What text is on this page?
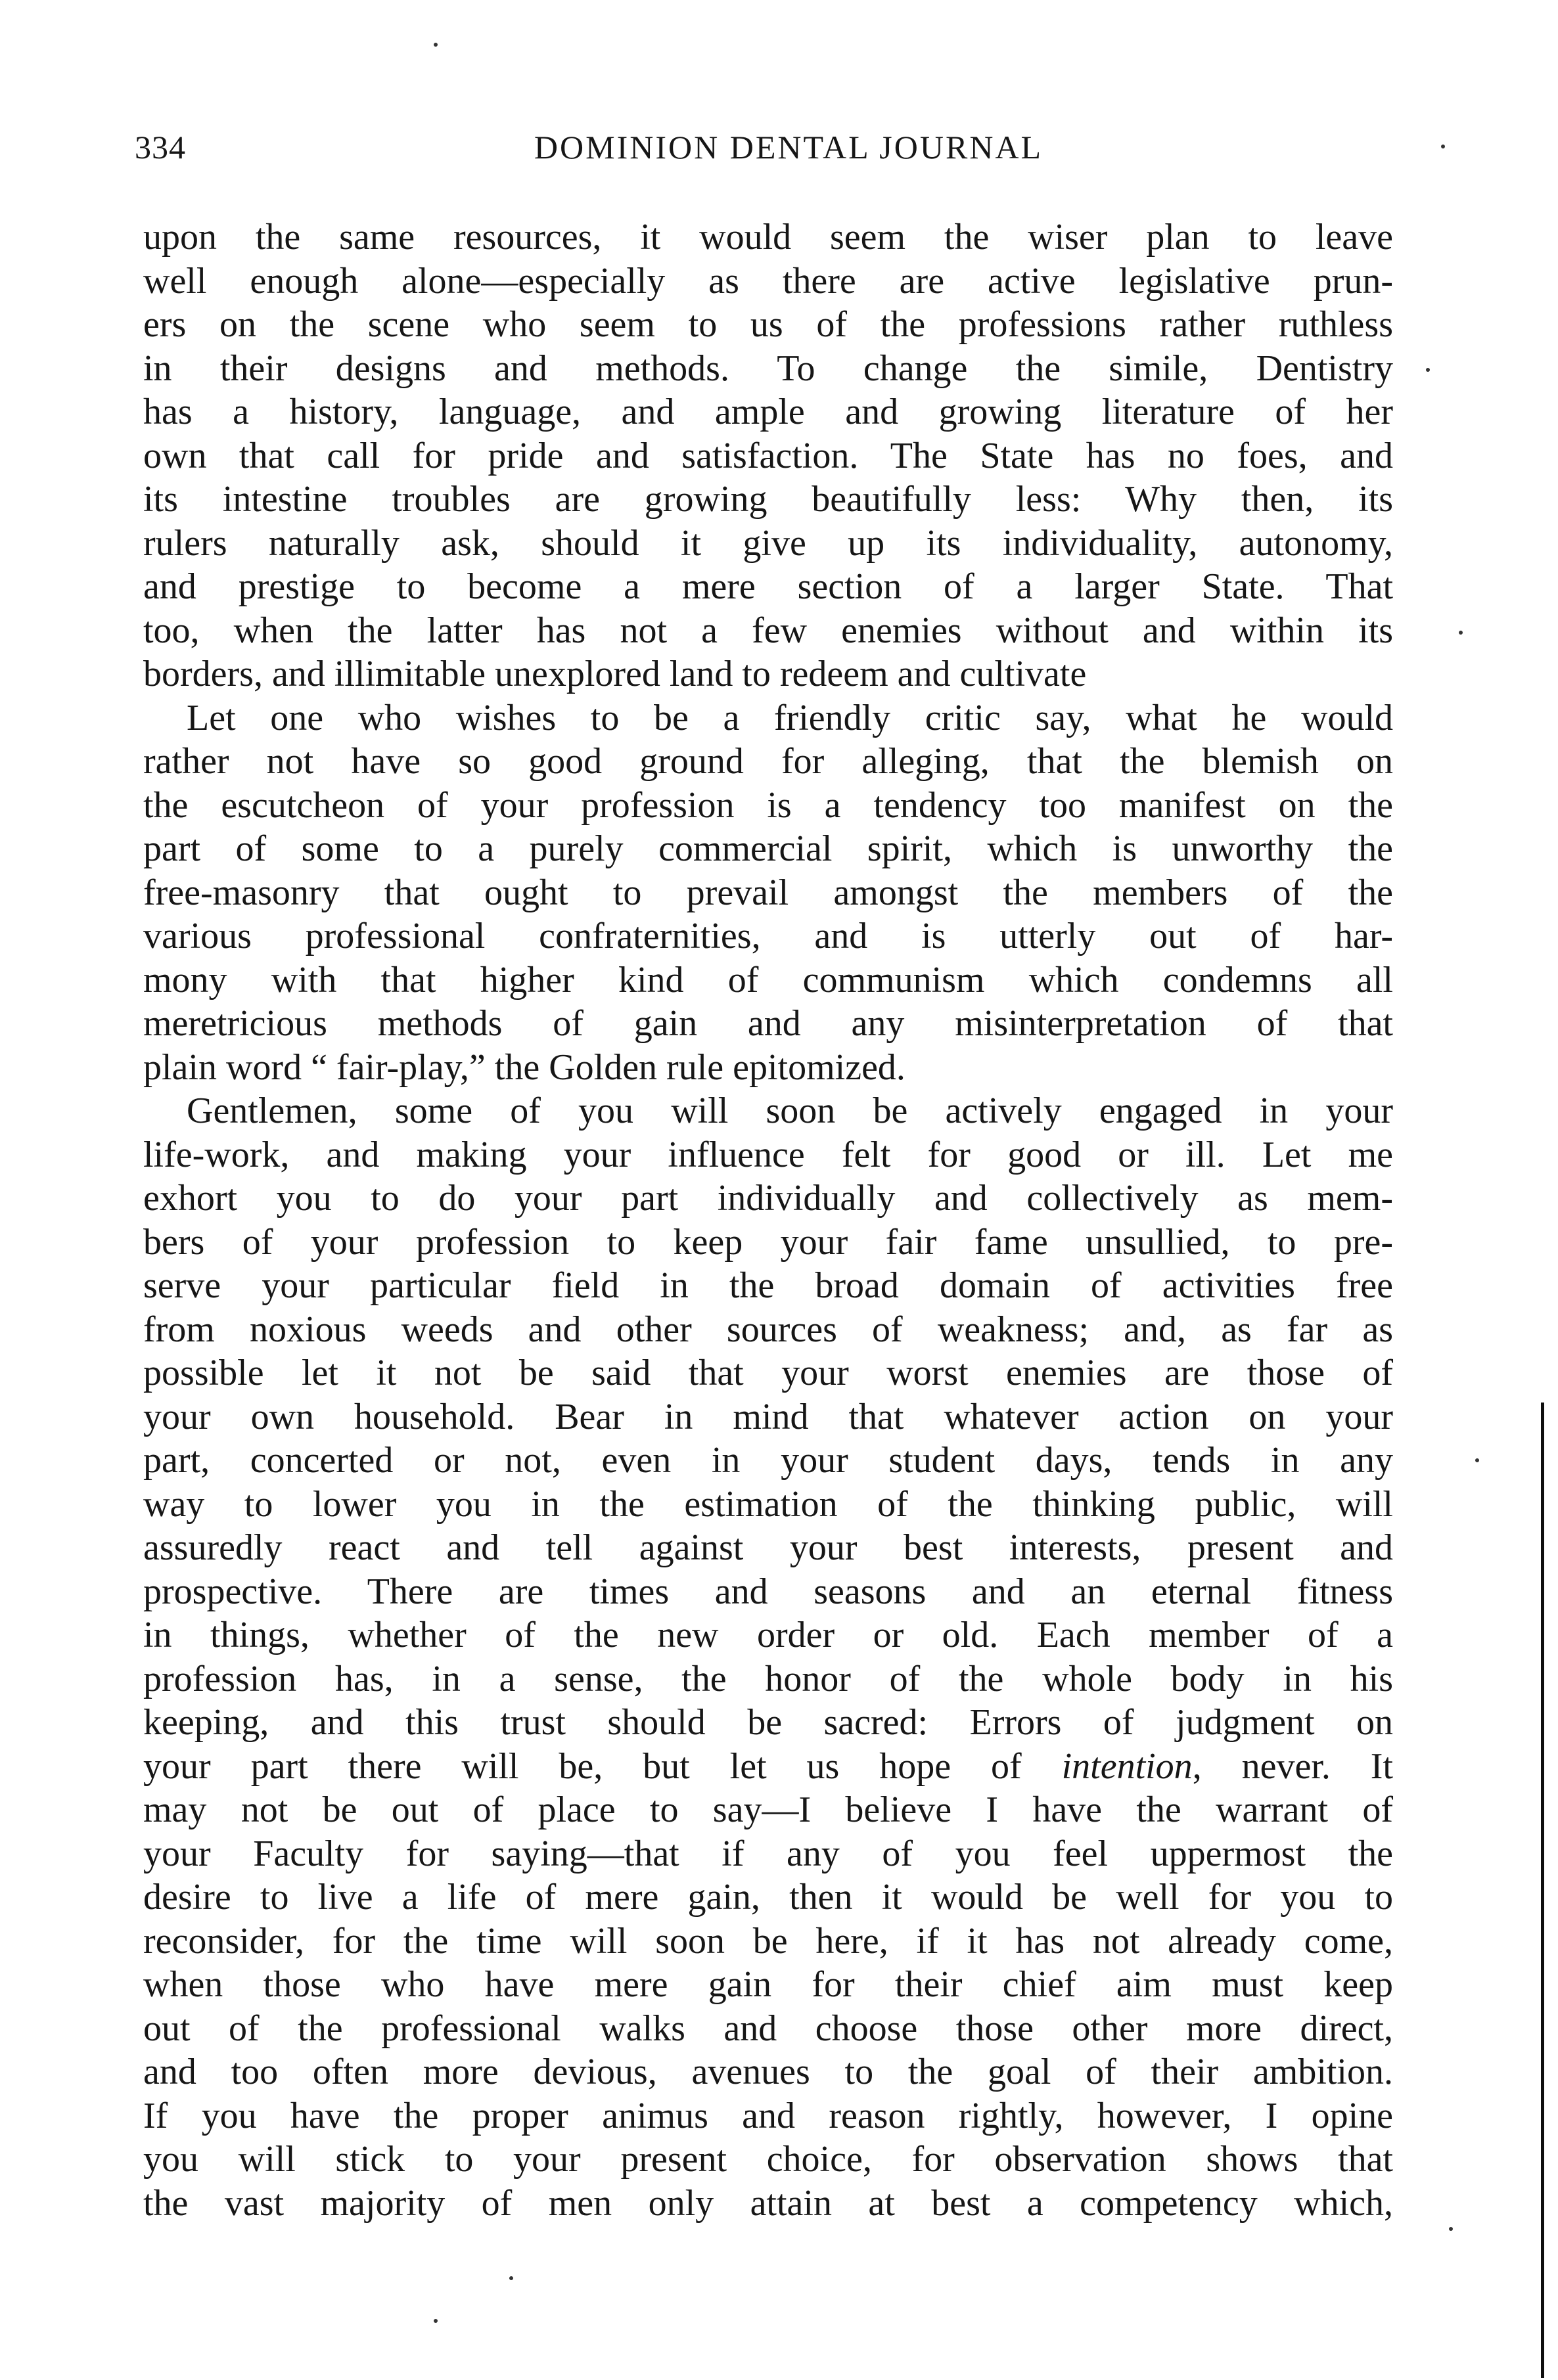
334	DOMINION DENTAL JOURNAL
upon the same resources, it would seem the wiser plan to leave
well enough alone—especially as there are active legislative prun-
ers on the scene who seem to us of the professions rather ruthless
in their designs and methods. To change the simile, Dentistry
has a history, language, and ample and growing literature of her
own that call for pride and satisfaction. The State has no foes, and
its intestine troubles are growing beautifully less: Why then, its
rulers naturally ask, should it give up its individuality, autonomy,
and prestige to become a mere section of a larger State. That
too, when the latter has not a few enemies without and within its
borders, and illimitable unexplored land to redeem and cultivate
Let one who wishes to be a friendly critic say, what he would
rather not have so good ground for alleging, that the blemish on
the escutcheon of your profession is a tendency too manifest on the
part of some to a purely commercial spirit, which is unworthy the
free-masonry that ought to prevail amongst the members of the
various professional confraternities, and is utterly out of har-
mony with that higher kind of communism which condemns all
meretricious methods of gain and any misinterpretation of that
plain word “ fair-play,” the Golden rule epitomized.
Gentlemen, some of you will soon be actively engaged in your
life-work, and making your influence felt for good or ill. Let me
exhort you to do your part individually and collectively as mem-
bers of your profession to keep your fair fame unsullied, to pre-
serve your particular field in the broad domain of activities free
from noxious weeds and other sources of weakness; and, as far as
possible let it not be said that your worst enemies are those of
your own household. Bear in mind that whatever action on your
part, concerted or not, even in your student days, tends in any
way to lower you in the estimation of the thinking public, will
assuredly react and tell against your best interests, present and
prospective. There are times and seasons and an eternal fitness
in things, whether of the new order or old. Each member of a
profession has, in a sense, the honor of the whole body in his
keeping, and this trust should be sacred: Errors of judgment on
your part there will be, but let us hope of intention, never. It
may not be out of place to say—I believe I have the warrant of
your Faculty for saying—that if any of you feel uppermost the
desire to live a life of mere gain, then it would be well for you to
reconsider, for the time will soon be here, if it has not already come,
when those who have mere gain for their chief aim must keep
out of the professional walks and choose those other more direct,
and too often more devious, avenues to the goal of their ambition.
If you have the proper animus and reason rightly, however, I opine
you will stick to your present choice, for observation shows that
the vast majority of men only attain at best a competency which,
